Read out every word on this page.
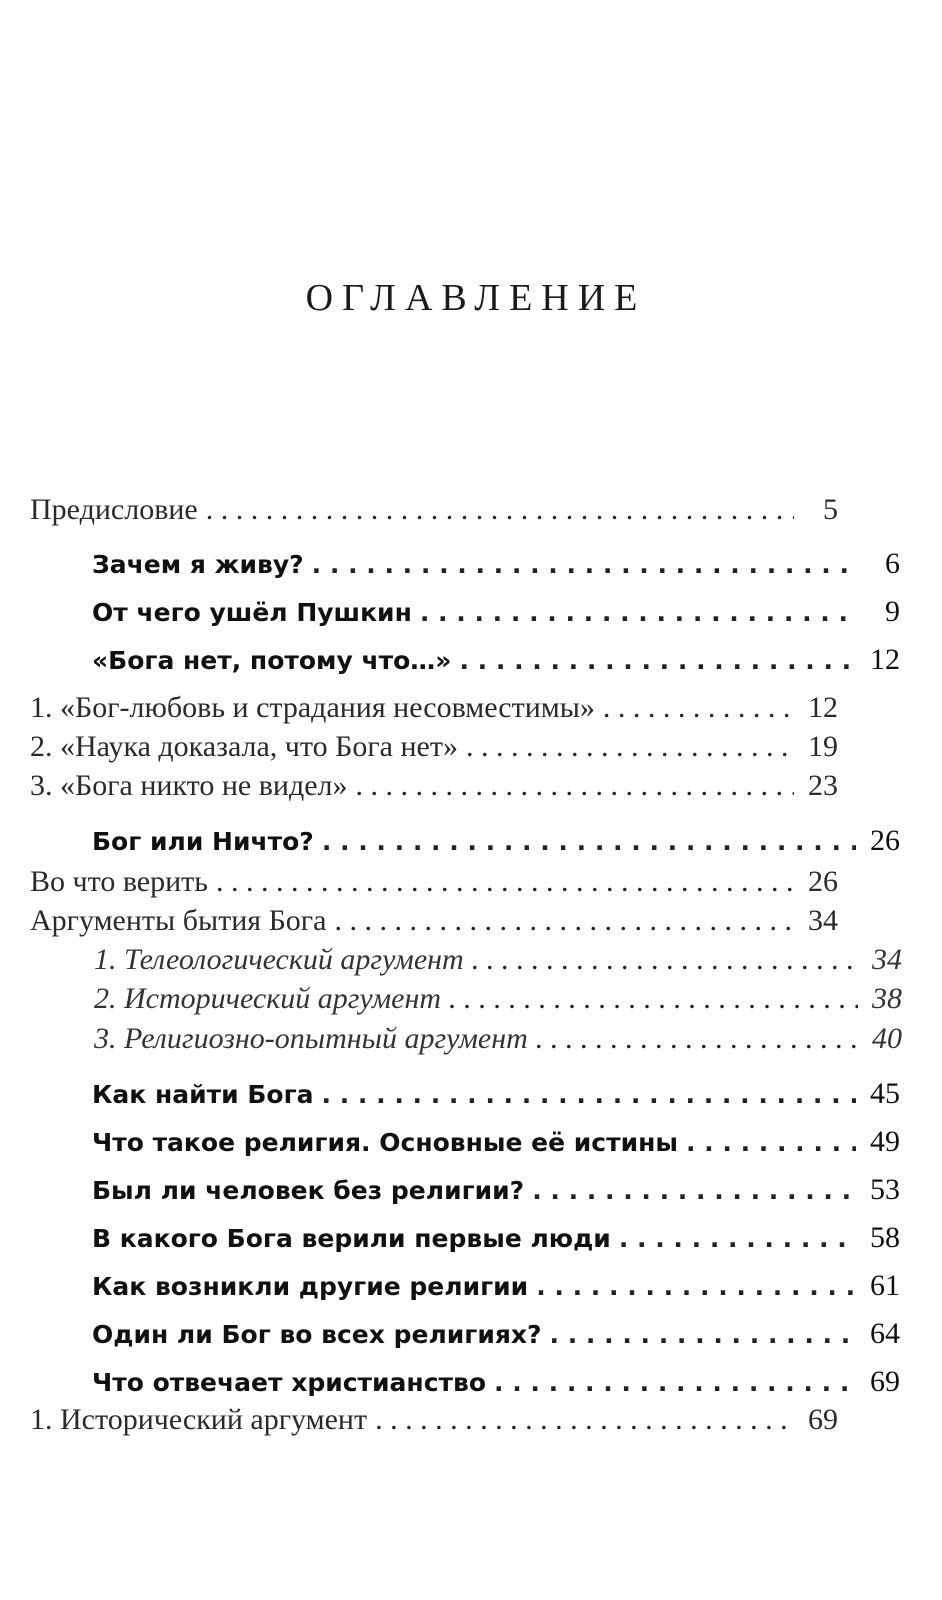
ОГЛАВЛЕНИЕ
Предисловие . . .	5
Зачем я живу? . . .	6
От чего ушёл Пушкин . . .	9
«Бога нет, потому что…» . . .	12
1. «Бог-любовь и страдания несовместимы» . . .	12
2. «Наука доказала, что Бога нет» . . .	19
3. «Бога никто не видел» . . .	23
Бог или Ничто? . . .	26
Во что верить . . .	26
Аргументы бытия Бога . . .	34
1. Телеологический аргумент . . .	34
2. Исторический аргумент . . .	38
3. Религиозно-опытный аргумент . . .	40
Как найти Бога . . .	45
Что такое религия. Основные её истины . . .	49
Был ли человек без религии? . . .	53
В какого Бога верили первые люди . . .	58
Как возникли другие религии . . .	61
Один ли Бог во всех религиях? . . .	64
Что отвечает христианство . . .	69
1. Исторический аргумент . . .	69
